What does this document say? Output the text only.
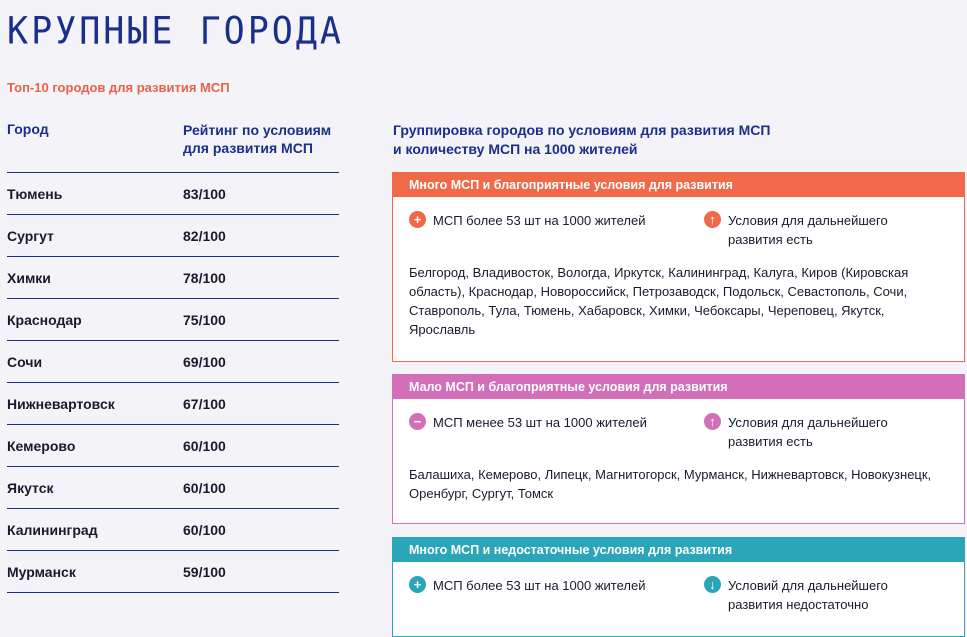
КРУПНЫЕ ГОРОДА
Топ-10 городов для развития МСП
Город	Рейтинг по условиям
для развития МСП
Тюмень	83/100
Сургут	82/100
Химки	78/100
Краснодар	75/100
Сочи	69/100
Нижневартовск	67/100
Кемерово	60/100
Якутск	60/100
Калининград	60/100
Мурманск	59/100
Группировка городов по условиям для развития МСП
и количеству МСП на 1000 жителей
Много МСП и благоприятные условия для развития
+ МСП более 53 шт на 1000 жителей	↑ Условия для дальнейшего
развития есть
Белгород, Владивосток, Вологда, Иркутск, Калининград, Калуга, Киров (Кировская область), Краснодар, Новороссийск, Петрозаводск, Подольск, Севастополь, Сочи, Ставрополь, Тула, Тюмень, Хабаровск, Химки, Чебоксары, Череповец, Якутск, Ярославль
Мало МСП и благоприятные условия для развития
− МСП менее 53 шт на 1000 жителей	↑ Условия для дальнейшего
развития есть
Балашиха, Кемерово, Липецк, Магнитогорск, Мурманск, Нижневартовск, Новокузнецк, Оренбург, Сургут, Томск
Много МСП и недостаточные условия для развития
+ МСП более 53 шт на 1000 жителей	↓ Условий для дальнейшего
развития недостаточно
